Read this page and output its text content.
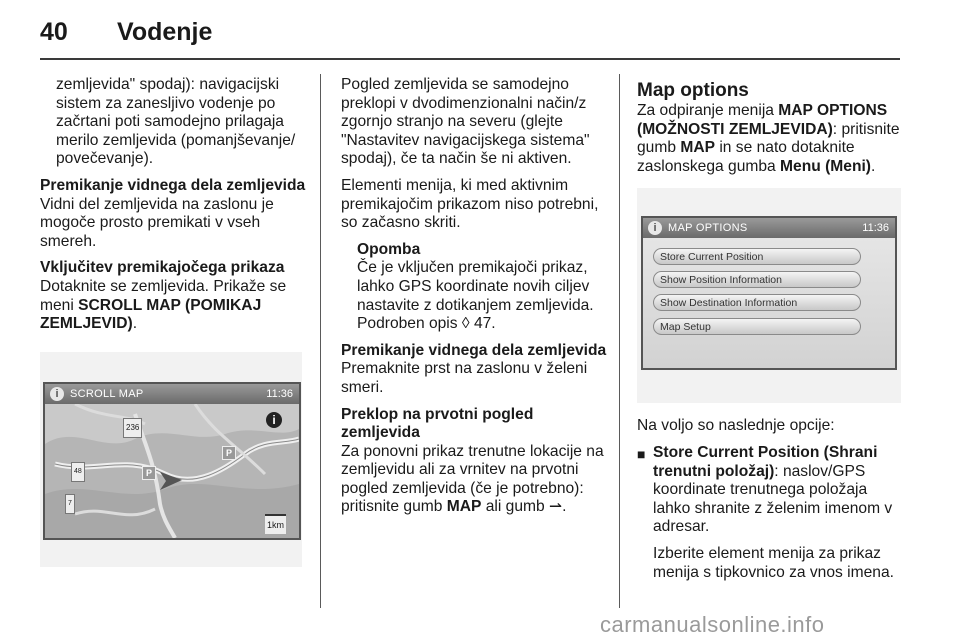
40 Vodenje

zemljevida" spodaj): navigacijski sistem za zanesljivo vodenje po začrtani poti samodejno prilagaja merilo zemljevida (pomanjševanje/ povečevanje).

Premikanje vidnega dela zemljevida

Vidni del zemljevida na zaslonu je mogoče prosto premikati v vseh smereh.

Vključitev premikajočega prikaza

Dotaknite se zemljevida. Prikaže se meni SCROLL MAP (POMIKAJ ZEMLJEVID).

i	SCROLL MAP	11:36
236
48
7
P
P
i
1km

Pogled zemljevida se samodejno preklopi v dvodimenzionalni način/z zgornjo stranjo na severu (glejte "Nastavitev navigacijskega sistema" spodaj), če ta način še ni aktiven.

Elementi menija, ki med aktivnim premikajočim prikazom niso potrebni, so začasno skriti.

Opomba
Če je vključen premikajoči prikaz, lahko GPS koordinate novih ciljev nastavite z dotikanjem zemljevida. Podroben opis ◊ 47.

Premikanje vidnega dela zemljevida

Premaknite prst na zaslonu v želeni smeri.

Preklop na prvotni pogled zemljevida

Za ponovni prikaz trenutne lokacije na zemljevidu ali za vrnitev na prvotni pogled zemljevida (če je potrebno): pritisnite gumb MAP ali gumb ⇀.

Map options

Za odpiranje menija MAP OPTIONS (MOŽNOSTI ZEMLJEVIDA): pritisnite gumb MAP in se nato dotaknite zaslonskega gumba Menu (Meni).

i	MAP OPTIONS	11:36
Store Current Position
Show Position Information
Show Destination Information
Map Setup

Na voljo so naslednje opcije:

■ Store Current Position (Shrani trenutni položaj): naslov/GPS koordinate trenutnega položaja lahko shranite z želenim imenom v adresar.

Izberite element menija za prikaz menija s tipkovnico za vnos imena.

carmanualsonline.info
